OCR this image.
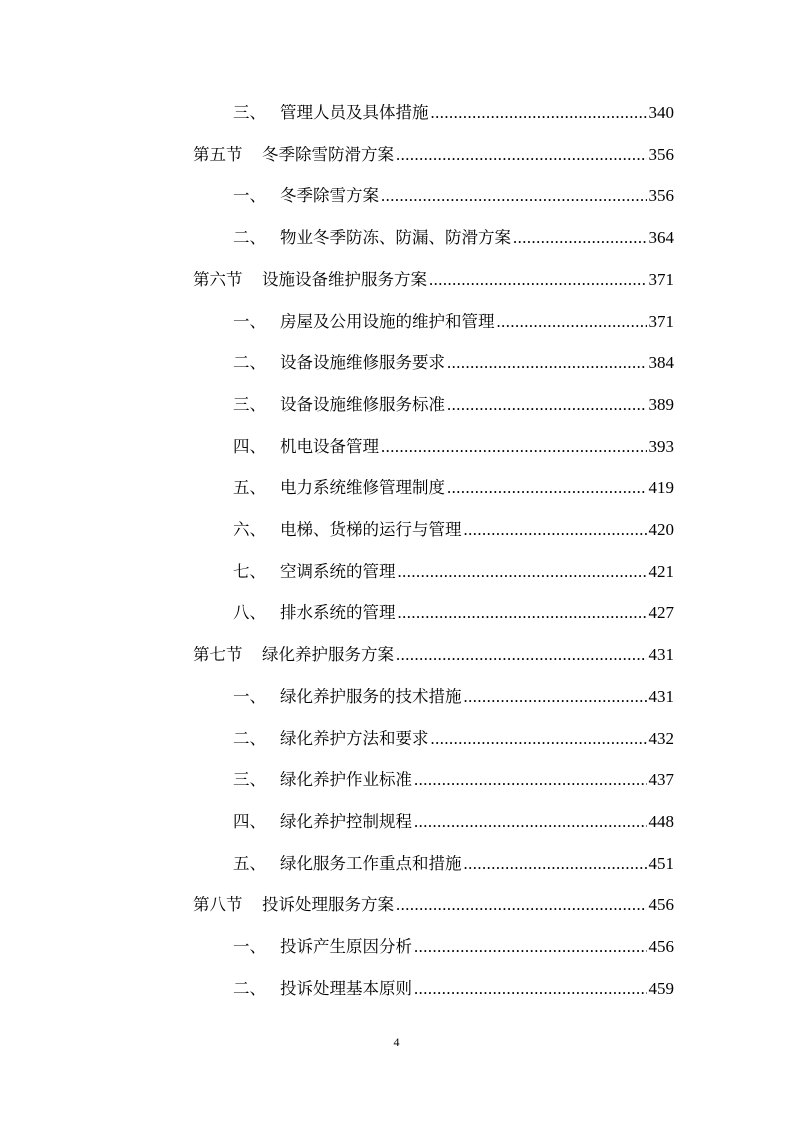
三、 管理人员及具体措施 .....	340
第五节	冬季除雪防滑方案 .....	356
一、 冬季除雪方案 .....	356
二、 物业冬季防冻、防漏、防滑方案 .....	364
第六节	设施设备维护服务方案 .....	371
一、 房屋及公用设施的维护和管理 .....	371
二、 设备设施维修服务要求 .....	384
三、 设备设施维修服务标准 .....	389
四、 机电设备管理 .....	393
五、 电力系统维修管理制度 .....	419
六、 电梯、货梯的运行与管理 .....	420
七、 空调系统的管理 .....	421
八、 排水系统的管理 .....	427
第七节	绿化养护服务方案 .....	431
一、 绿化养护服务的技术措施 .....	431
二、 绿化养护方法和要求 .....	432
三、 绿化养护作业标准 .....	437
四、 绿化养护控制规程 .....	448
五、 绿化服务工作重点和措施 .....	451
第八节	投诉处理服务方案 .....	456
一、 投诉产生原因分析 .....	456
二、 投诉处理基本原则 .....	459
4
